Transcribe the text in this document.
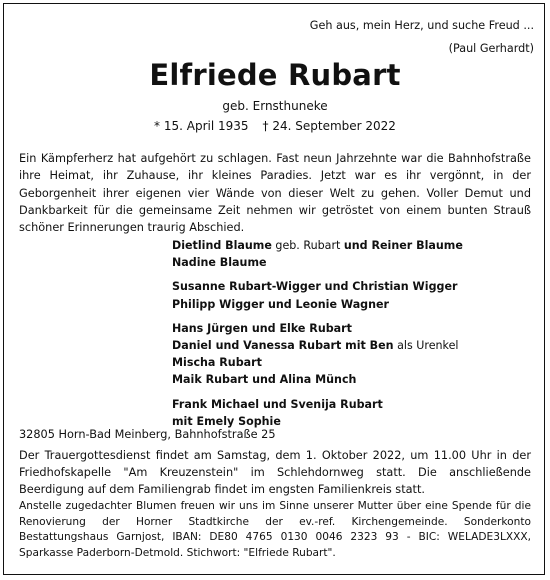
Geh aus, mein Herz, und suche Freud ...
(Paul Gerhardt)
Elfriede Rubart
geb. Ernsthuneke
* 15. April 1935 † 24. September 2022
Ein Kämpferherz hat aufgehört zu schlagen. Fast neun Jahrzehnte war die Bahnhofstraße ihre Heimat, ihr Zuhause, ihr kleines Paradies. Jetzt war es ihr vergönnt, in der Geborgenheit ihrer eigenen vier Wände von dieser Welt zu gehen. Voller Demut und Dankbarkeit für die gemeinsame Zeit nehmen wir getröstet von einem bunten Strauß schöner Erinnerungen traurig Abschied.
Dietlind Blaume geb. Rubart und Reiner Blaume
Nadine Blaume
Susanne Rubart-Wigger und Christian Wigger
Philipp Wigger und Leonie Wagner
Hans Jürgen und Elke Rubart
Daniel und Vanessa Rubart mit Ben als Urenkel
Mischa Rubart
Maik Rubart und Alina Münch
Frank Michael und Svenija Rubart
mit Emely Sophie
32805 Horn-Bad Meinberg, Bahnhofstraße 25
Der Trauergottesdienst findet am Samstag, dem 1. Oktober 2022, um 11.00 Uhr in der Friedhofskapelle "Am Kreuzenstein" im Schlehdornweg statt. Die anschließende Beerdigung auf dem Familiengrab findet im engsten Familienkreis statt.
Anstelle zugedachter Blumen freuen wir uns im Sinne unserer Mutter über eine Spende für die Renovierung der Horner Stadtkirche der ev.-ref. Kirchengemeinde. Sonderkonto Bestattungshaus Garnjost, IBAN: DE80 4765 0130 0046 2323 93 - BIC: WELADE3LXXX, Sparkasse Paderborn-Detmold. Stichwort: "Elfriede Rubart".
